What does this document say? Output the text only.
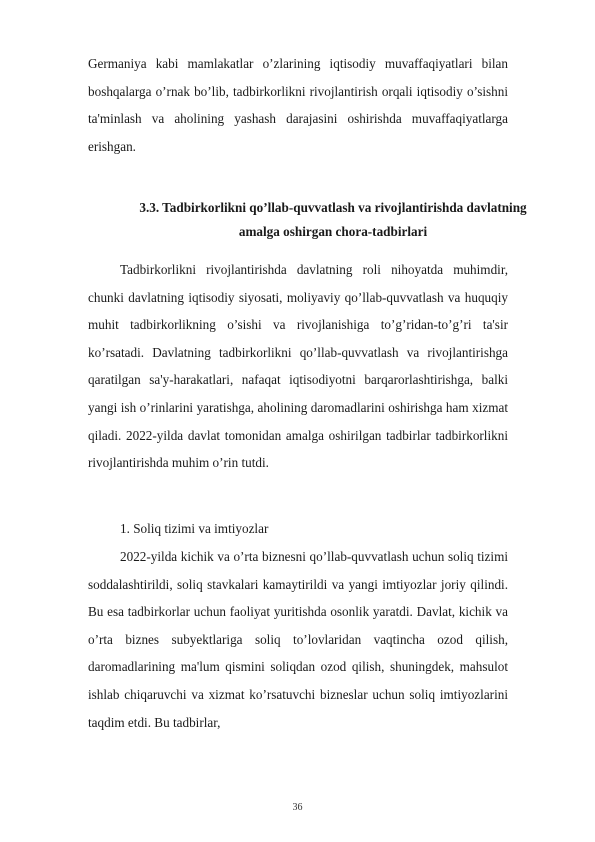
Germaniya kabi mamlakatlar o’zlarining iqtisodiy muvaffaqiyatlari bilan boshqalarga o’rnak bo’lib, tadbirkorlikni rivojlantirish orqali iqtisodiy o’sishni ta'minlash va aholining yashash darajasini oshirishda muvaffaqiyatlarga erishgan.

3.3. Tadbirkorlikni qo’llab-quvvatlash va rivojlantirishda davlatning amalga oshirgan chora-tadbirlari

Tadbirkorlikni rivojlantirishda davlatning roli nihoyatda muhimdir, chunki davlatning iqtisodiy siyosati, moliyaviy qo’llab-quvvatlash va huquqiy muhit tadbirkorlikning o’sishi va rivojlanishiga to’g’ridan-to’g’ri ta'sir ko’rsatadi. Davlatning tadbirkorlikni qo’llab-quvvatlash va rivojlantirishga qaratilgan sa'y-harakatlari, nafaqat iqtisodiyotni barqarorlashtirishga, balki yangi ish o’rinlarini yaratishga, aholining daromadlarini oshirishga ham xizmat qiladi. 2022-yilda davlat tomonidan amalga oshirilgan tadbirlar tadbirkorlikni rivojlantirishda muhim o’rin tutdi.

1. Soliq tizimi va imtiyozlar

2022-yilda kichik va o’rta biznesni qo’llab-quvvatlash uchun soliq tizimi soddalashtirildi, soliq stavkalari kamaytirildi va yangi imtiyozlar joriy qilindi. Bu esa tadbirkorlar uchun faoliyat yuritishda osonlik yaratdi. Davlat, kichik va o’rta biznes subyektlariga soliq to’lovlaridan vaqtincha ozod qilish, daromadlarining ma'lum qismini soliqdan ozod qilish, shuningdek, mahsulot ishlab chiqaruvchi va xizmat ko’rsatuvchi bizneslar uchun soliq imtiyozlarini taqdim etdi. Bu tadbirlar,

36
